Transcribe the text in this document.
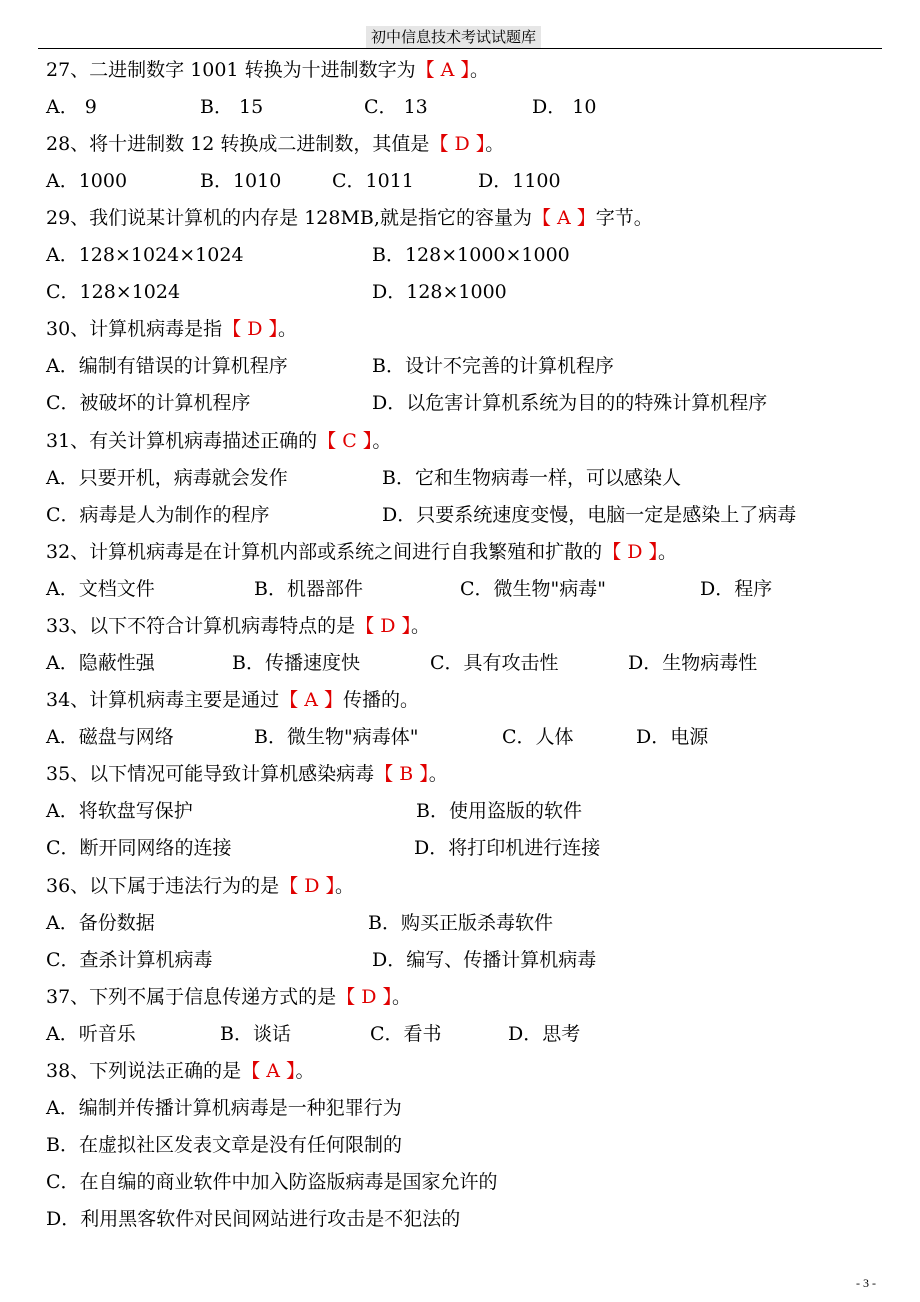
初中信息技术考试试题库
27、二进制数字 1001 转换为十进制数字为【 A 】。
A． 9	B． 15	C． 13	D． 10
28、将十进制数 12 转换成二进制数，其值是【 D 】。
A．1000	B．1010	C．1011	D．1100
29、我们说某计算机的内存是 128MB,就是指它的容量为【 A 】字节。
A．128×1024×1024	B．128×1000×1000
C．128×1024	D．128×1000
30、计算机病毒是指【 D 】。
A．编制有错误的计算机程序	B．设计不完善的计算机程序
C．被破坏的计算机程序	D．以危害计算机系统为目的的特殊计算机程序
31、有关计算机病毒描述正确的【 C 】。
A．只要开机，病毒就会发作	B．它和生物病毒一样，可以感染人
C．病毒是人为制作的程序	D．只要系统速度变慢，电脑一定是感染上了病毒
32、计算机病毒是在计算机内部或系统之间进行自我繁殖和扩散的【 D 】。
A．文档文件	B．机器部件	C．微生物"病毒"	D．程序
33、以下不符合计算机病毒特点的是【 D 】。
A．隐蔽性强	B．传播速度快	C．具有攻击性	D．生物病毒性
34、计算机病毒主要是通过【 A 】传播的。
A．磁盘与网络	B．微生物"病毒体"	C．人体	D．电源
35、以下情况可能导致计算机感染病毒【 B 】。
A．将软盘写保护	B．使用盗版的软件
C．断开同网络的连接	D．将打印机进行连接
36、以下属于违法行为的是【 D 】。
A．备份数据	B．购买正版杀毒软件
C．查杀计算机病毒	D．编写、传播计算机病毒
37、下列不属于信息传递方式的是【 D 】。
A．听音乐	B．谈话	C．看书	D．思考
38、下列说法正确的是【 A 】。
A．编制并传播计算机病毒是一种犯罪行为
B．在虚拟社区发表文章是没有任何限制的
C．在自编的商业软件中加入防盗版病毒是国家允许的
D．利用黑客软件对民间网站进行攻击是不犯法的
- 3 -
